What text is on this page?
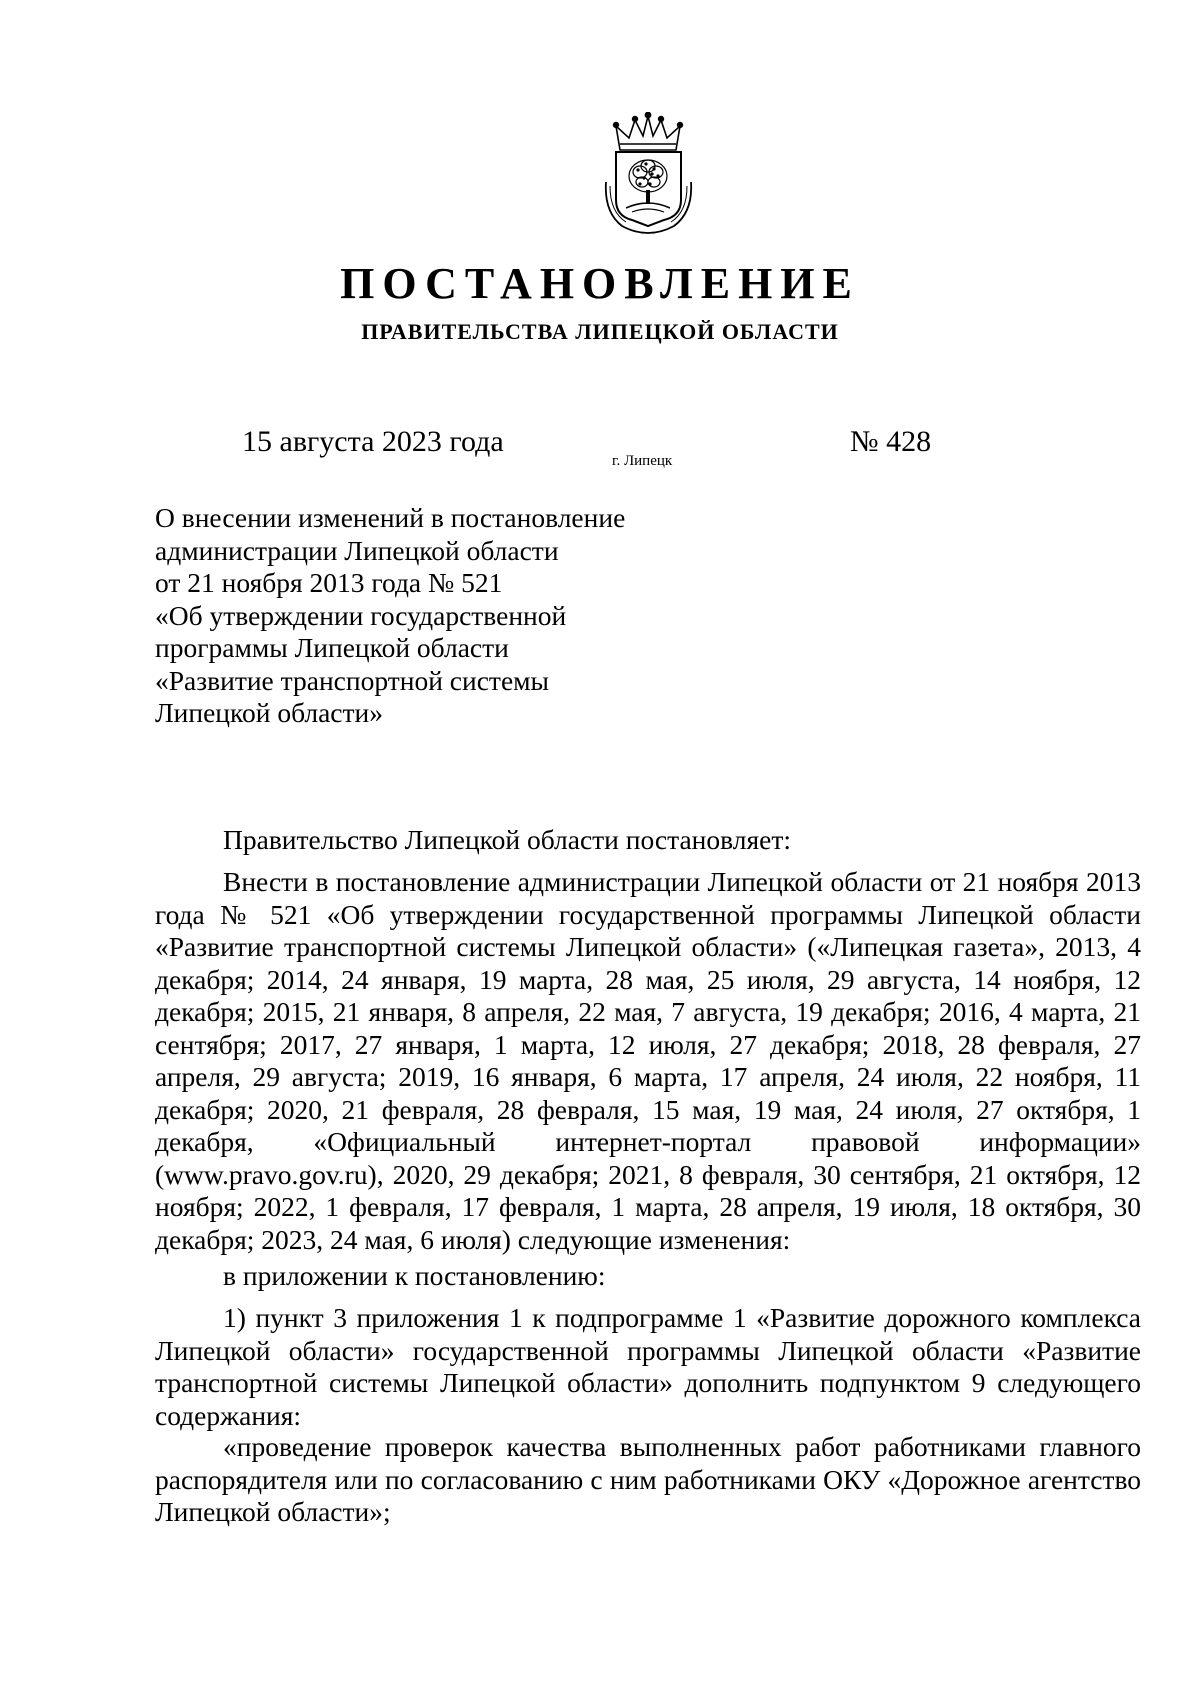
ПОСТАНОВЛЕНИЕ
ПРАВИТЕЛЬСТВА ЛИПЕЦКОЙ ОБЛАСТИ
15 августа 2023 года
г. Липецк
№ 428
О внесении изменений в постановление
администрации Липецкой области
от 21 ноября 2013 года № 521
«Об утверждении государственной
программы Липецкой области
«Развитие транспортной системы
Липецкой области»
Правительство Липецкой области постановляет:
Внести в постановление администрации Липецкой области от 21 ноября 2013 года № 521 «Об утверждении государственной программы Липецкой области «Развитие транспортной системы Липецкой области» («Липецкая газета», 2013, 4 декабря; 2014, 24 января, 19 марта, 28 мая, 25 июля, 29 августа, 14 ноября, 12 декабря; 2015, 21 января, 8 апреля, 22 мая, 7 августа, 19 декабря; 2016, 4 марта, 21 сентября; 2017, 27 января, 1 марта, 12 июля, 27 декабря; 2018, 28 февраля, 27 апреля, 29 августа; 2019, 16 января, 6 марта, 17 апреля, 24 июля, 22 ноября, 11 декабря; 2020, 21 февраля, 28 февраля, 15 мая, 19 мая, 24 июля, 27 октября, 1 декабря, «Официальный интернет-портал правовой информации» (www.pravo.gov.ru), 2020, 29 декабря; 2021, 8 февраля, 30 сентября, 21 октября, 12 ноября; 2022, 1 февраля, 17 февраля, 1 марта, 28 апреля, 19 июля, 18 октября, 30 декабря; 2023, 24 мая, 6 июля) следующие изменения:
в приложении к постановлению:
1) пункт 3 приложения 1 к подпрограмме 1 «Развитие дорожного комплекса Липецкой области» государственной программы Липецкой области «Развитие транспортной системы Липецкой области» дополнить подпунктом 9 следующего содержания:
«проведение проверок качества выполненных работ работниками главного распорядителя или по согласованию с ним работниками ОКУ «Дорожное агентство Липецкой области»;
